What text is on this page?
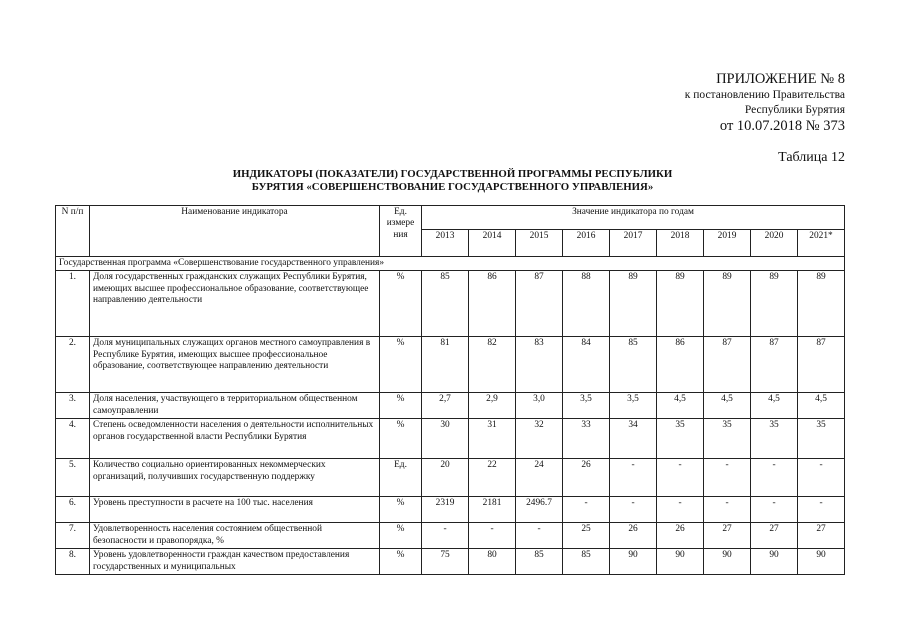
ПРИЛОЖЕНИЕ № 8
к постановлению Правительства
Республики Бурятия
от 10.07.2018 № 373
Таблица 12
ИНДИКАТОРЫ (ПОКАЗАТЕЛИ) ГОСУДАРСТВЕННОЙ ПРОГРАММЫ РЕСПУБЛИКИ
БУРЯТИЯ «СОВЕРШЕНСТВОВАНИЕ ГОСУДАРСТВЕННОГО УПРАВЛЕНИЯ»
N п/п	Наименование индикатора	Ед. измере ния	Значение индикатора по годам								
			2013	2014	2015	2016	2017	2018	2019	2020	2021*
Государственная программа «Совершенствование государственного управления»											
1.	Доля государственных гражданских служащих Республики Бурятия, имеющих высшее профессиональное образование, соответствующее направлению деятельности	%	85	86	87	88	89	89	89	89	89
2.	Доля муниципальных служащих органов местного самоуправления в Республике Бурятия, имеющих высшее профессиональное образование, соответствующее направлению деятельности	%	81	82	83	84	85	86	87	87	87
3.	Доля населения, участвующего в территориальном общественном самоуправлении	%	2,7	2,9	3,0	3,5	3,5	4,5	4,5	4,5	4,5
4.	Степень осведомленности населения о деятельности исполнительных органов государственной власти Республики Бурятия	%	30	31	32	33	34	35	35	35	35
5.	Количество социально ориентированных некоммерческих организаций, получивших государственную поддержку	Ед.	20	22	24	26	-	-	-	-	-
6.	Уровень преступности в расчете на 100 тыс. населения	%	2319	2181	2496.7	-	-	-	-	-	-
7.	Удовлетворенность населения состоянием общественной безопасности и правопорядка, %	%	-	-	-	25	26	26	27	27	27
8.	Уровень удовлетворенности граждан качеством предоставления государственных и муниципальных	%	75	80	85	85	90	90	90	90	90
